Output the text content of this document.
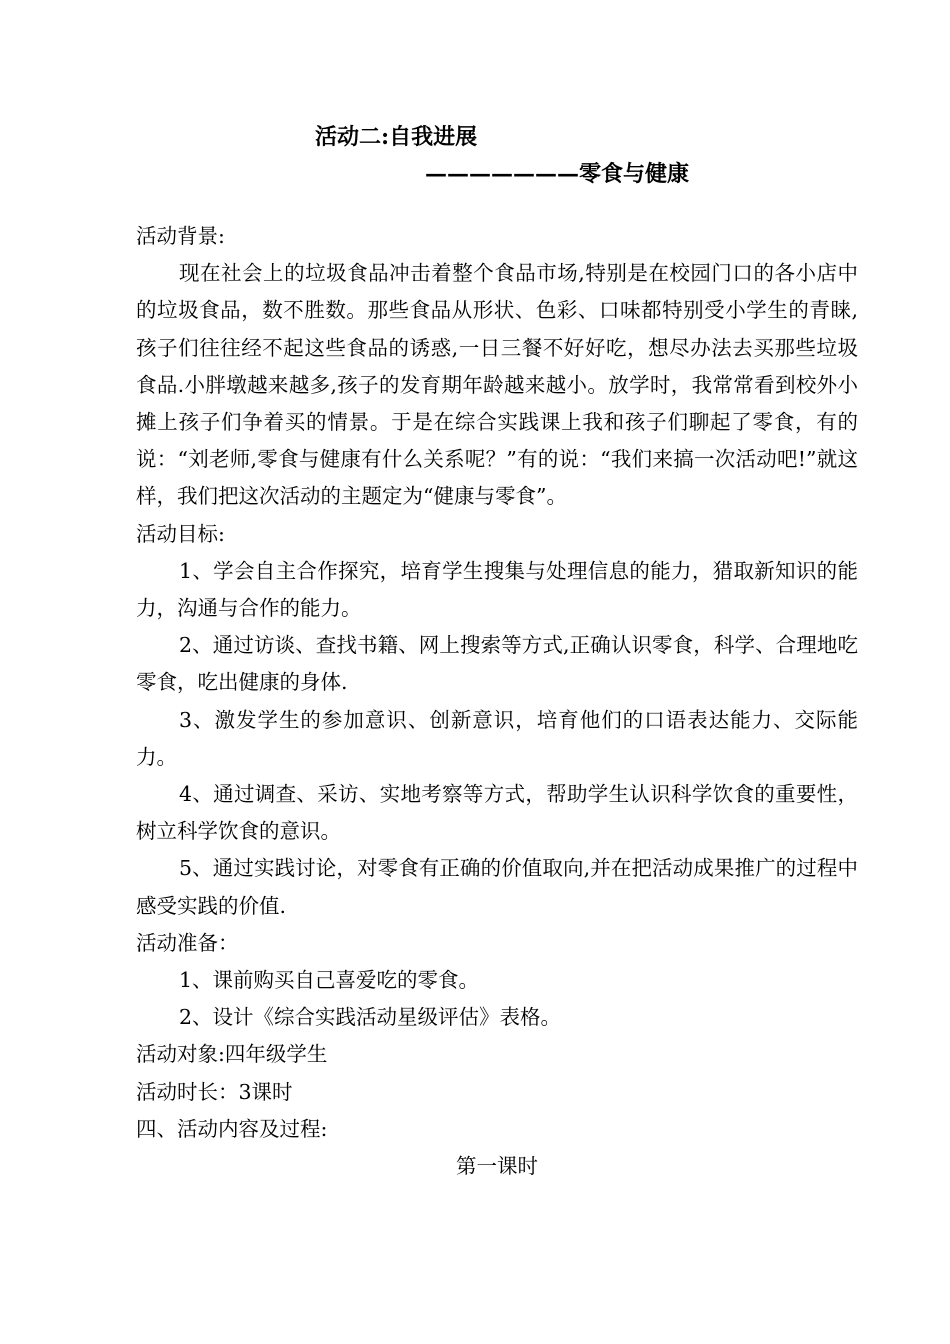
活动二:自我进展
———————零食与健康

活动背景:

现在社会上的垃圾食品冲击着整个食品市场,特别是在校园门口的各小店中的垃圾食品，数不胜数。那些食品从形状、色彩、口味都特别受小学生的青睐,孩子们往往经不起这些食品的诱惑,一日三餐不好好吃，想尽办法去买那些垃圾食品.小胖墩越来越多,孩子的发育期年龄越来越小。放学时，我常常看到校外小摊上孩子们争着买的情景。于是在综合实践课上我和孩子们聊起了零食，有的说：“刘老师,零食与健康有什么关系呢？”有的说：“我们来搞一次活动吧!”就这样，我们把这次活动的主题定为“健康与零食”。

活动目标:

1、学会自主合作探究，培育学生搜集与处理信息的能力，猎取新知识的能力，沟通与合作的能力。

2、通过访谈、查找书籍、网上搜索等方式,正确认识零食，科学、合理地吃零食，吃出健康的身体.

3、激发学生的参加意识、创新意识，培育他们的口语表达能力、交际能力。

4、通过调查、采访、实地考察等方式，帮助学生认识科学饮食的重要性，树立科学饮食的意识。

5、通过实践讨论，对零食有正确的价值取向,并在把活动成果推广的过程中感受实践的价值.

活动准备：

1、课前购买自己喜爱吃的零食。

2、设计《综合实践活动星级评估》表格。

活动对象:四年级学生

活动时长：3课时

四、活动内容及过程:

第一课时
